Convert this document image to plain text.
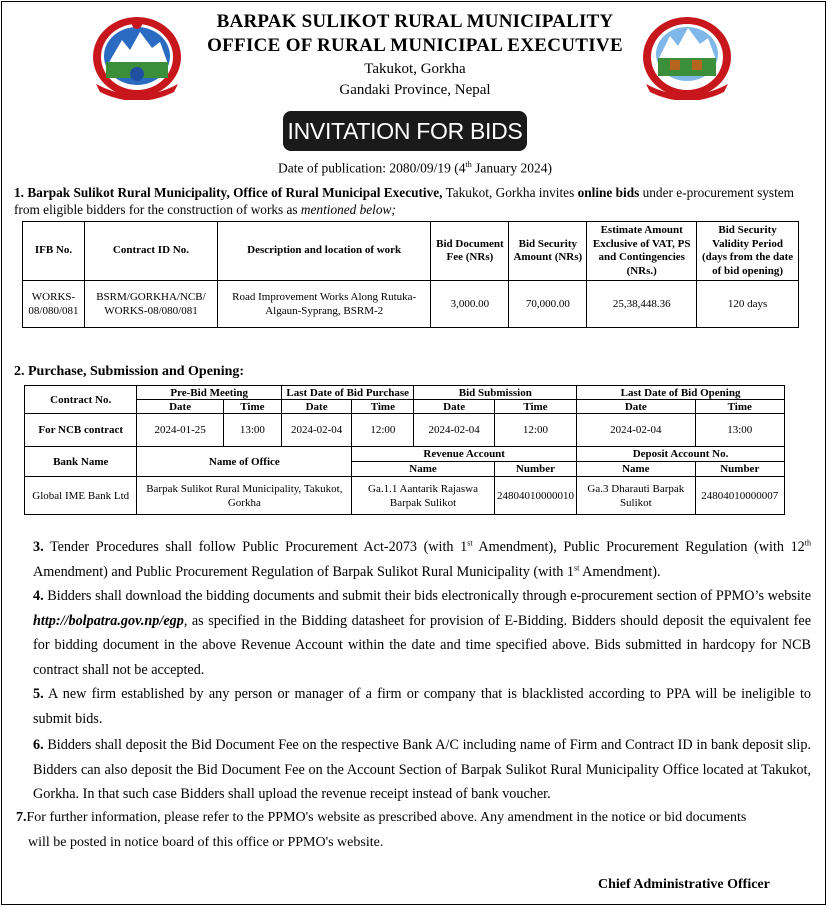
BARPAK SULIKOT RURAL MUNICIPALITY
OFFICE OF RURAL MUNICIPAL EXECUTIVE
Takukot, Gorkha
Gandaki Province, Nepal
INVITATION FOR BIDS
Date of publication: 2080/09/19 (4th January 2024)
1. Barpak Sulikot Rural Municipality, Office of Rural Municipal Executive, Takukot, Gorkha invites online bids under e-procurement system from eligible bidders for the construction of works as mentioned below;
IFB No.	Contract ID No.	Description and location of work	Bid Document Fee (NRs)	Bid Security Amount (NRs)	Estimate Amount Exclusive of VAT, PS and Contingencies (NRs.)	Bid Security Validity Period (days from the date of bid opening)
WORKS-08/080/081	BSRM/GORKHA/NCB/ WORKS-08/080/081	Road Improvement Works Along Rutuka-Algaun-Syprang, BSRM-2	3,000.00	70,000.00	25,38,448.36	120 days
2. Purchase, Submission and Opening:
Contract No.	Pre-Bid Meeting		Last Date of Bid Purchase		Bid Submission		Last Date of Bid Opening	
	Date	Time	Date	Time	Date	Time	Date	Time
For NCB contract	2024-01-25	13:00	2024-02-04	12:00	2024-02-04	12:00	2024-02-04	13:00
Bank Name	Name of Office			Revenue Account			Deposit Account No.	
				Name		Number	Name	Number
Global IME Bank Ltd	Barpak Sulikot Rural Municipality, Takukot, Gorkha			Ga.1.1 Aantarik Rajaswa Barpak Sulikot		24804010000010	Ga.3 Dharauti Barpak Sulikot	24804010000007
3. Tender Procedures shall follow Public Procurement Act-2073 (with 1st Amendment), Public Procurement Regulation (with 12th Amendment) and Public Procurement Regulation of Barpak Sulikot Rural Municipality (with 1st Amendment).
4. Bidders shall download the bidding documents and submit their bids electronically through e-procurement section of PPMO’s website http://bolpatra.gov.np/egp, as specified in the Bidding datasheet for provision of E-Bidding. Bidders should deposit the equivalent fee for bidding document in the above Revenue Account within the date and time specified above. Bids submitted in hardcopy for NCB contract shall not be accepted.
5. A new firm established by any person or manager of a firm or company that is blacklisted according to PPA will be ineligible to submit bids.
6. Bidders shall deposit the Bid Document Fee on the respective Bank A/C including name of Firm and Contract ID in bank deposit slip. Bidders can also deposit the Bid Document Fee on the Account Section of Barpak Sulikot Rural Municipality Office located at Takukot, Gorkha. In that such case Bidders shall upload the revenue receipt instead of bank voucher.
7.For further information, please refer to the PPMO's website as prescribed above. Any amendment in the notice or bid documents
will be posted in notice board of this office or PPMO's website.
Chief Administrative Officer
